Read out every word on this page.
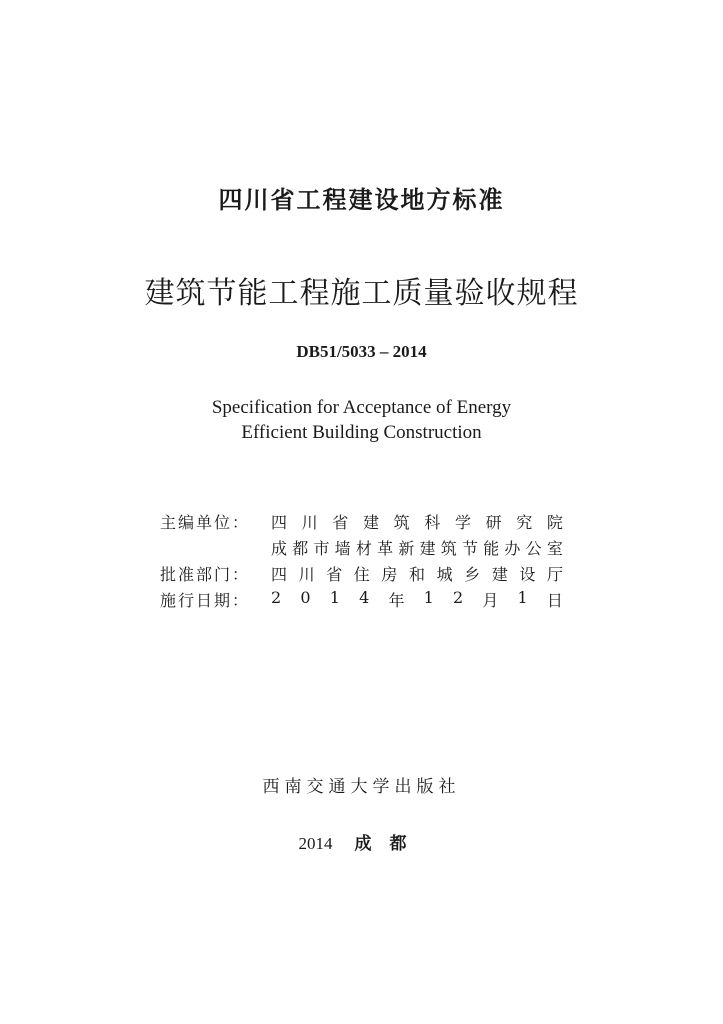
四川省工程建设地方标准
建筑节能工程施工质量验收规程
DB51/5033 – 2014
Specification for Acceptance of Energy
Efficient Building Construction
主编单位：	四 川 省 建 筑 科 学 研 究 院
成 都 市 墙 材 革 新 建 筑 节 能 办 公 室
批准部门：	四 川 省 住 房 和 城 乡 建 设 厅
施行日期：	2 0 1 4 年 1 2 月 1 日
西南交通大学出版社
2014 成都
